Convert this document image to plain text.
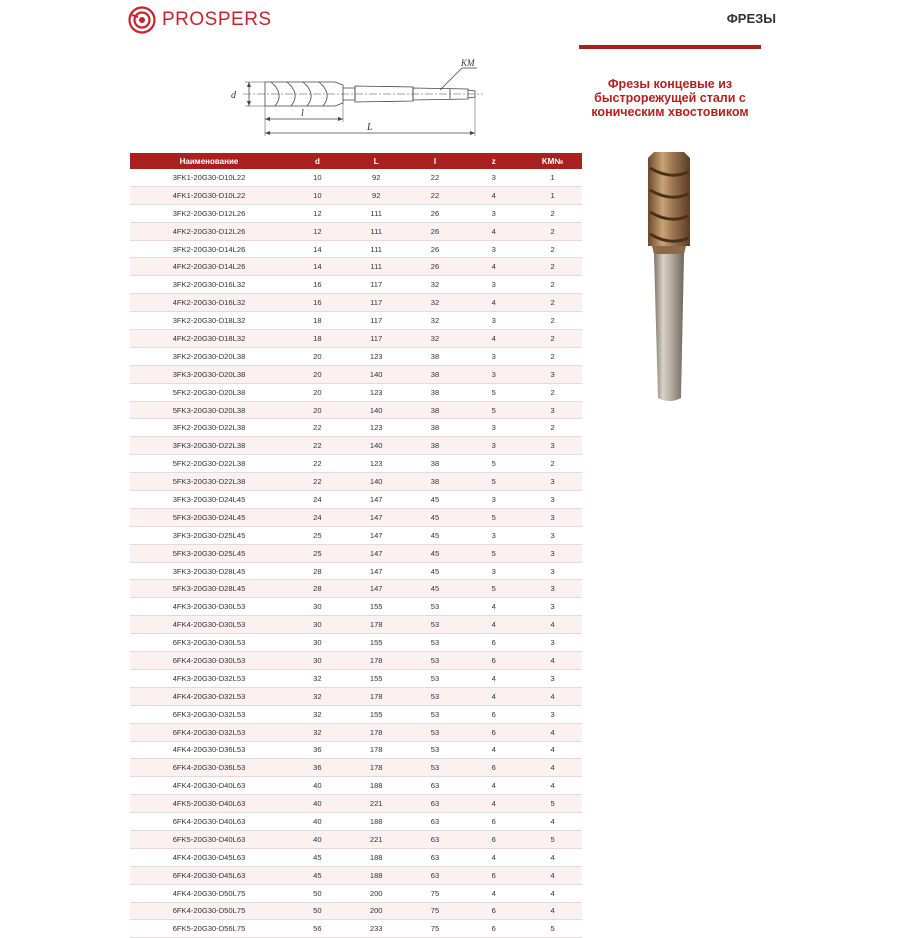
PROSPERS	ФРЕЗЫ
d
l
L
KM
Фрезы концевые из быстрорежущей стали с коническим хвостовиком
Наименование	d	L	l	z	KM№
3FK1-20G30-D10L22	10	92	22	3	1
4FK1-20G30-D10L22	10	92	22	4	1
3FK2-20G30-D12L26	12	111	26	3	2
4FK2-20G30-D12L26	12	111	26	4	2
3FK2-20G30-D14L26	14	111	26	3	2
4FK2-20G30-D14L26	14	111	26	4	2
3FK2-20G30-D16L32	16	117	32	3	2
4FK2-20G30-D16L32	16	117	32	4	2
3FK2-20G30-D18L32	18	117	32	3	2
4FK2-20G30-D18L32	18	117	32	4	2
3FK2-20G30-D20L38	20	123	38	3	2
3FK3-20G30-D20L38	20	140	38	3	3
5FK2-20G30-D20L38	20	123	38	5	2
5FK3-20G30-D20L38	20	140	38	5	3
3FK2-20G30-D22L38	22	123	38	3	2
3FK3-20G30-D22L38	22	140	38	3	3
5FK2-20G30-D22L38	22	123	38	5	2
5FK3-20G30-D22L38	22	140	38	5	3
3FK3-20G30-D24L45	24	147	45	3	3
5FK3-20G30-D24L45	24	147	45	5	3
3FK3-20G30-D25L45	25	147	45	3	3
5FK3-20G30-D25L45	25	147	45	5	3
3FK3-20G30-D28L45	28	147	45	3	3
5FK3-20G30-D28L45	28	147	45	5	3
4FK3-20G30-D30L53	30	155	53	4	3
4FK4-20G30-D30L53	30	178	53	4	4
6FK3-20G30-D30L53	30	155	53	6	3
6FK4-20G30-D30L53	30	178	53	6	4
4FK3-20G30-D32L53	32	155	53	4	3
4FK4-20G30-D32L53	32	178	53	4	4
6FK3-20G30-D32L53	32	155	53	6	3
6FK4-20G30-D32L53	32	178	53	6	4
4FK4-20G30-D36L53	36	178	53	4	4
6FK4-20G30-D36L53	36	178	53	6	4
4FK4-20G30-D40L63	40	188	63	4	4
4FK5-20G30-D40L63	40	221	63	4	5
6FK4-20G30-D40L63	40	188	63	6	4
6FK5-20G30-D40L63	40	221	63	6	5
4FK4-20G30-D45L63	45	188	63	4	4
6FK4-20G30-D45L63	45	188	63	6	4
4FK4-20G30-D50L75	50	200	75	4	4
6FK4-20G30-D50L75	50	200	75	6	4
6FK5-20G30-D56L75	56	233	75	6	5
